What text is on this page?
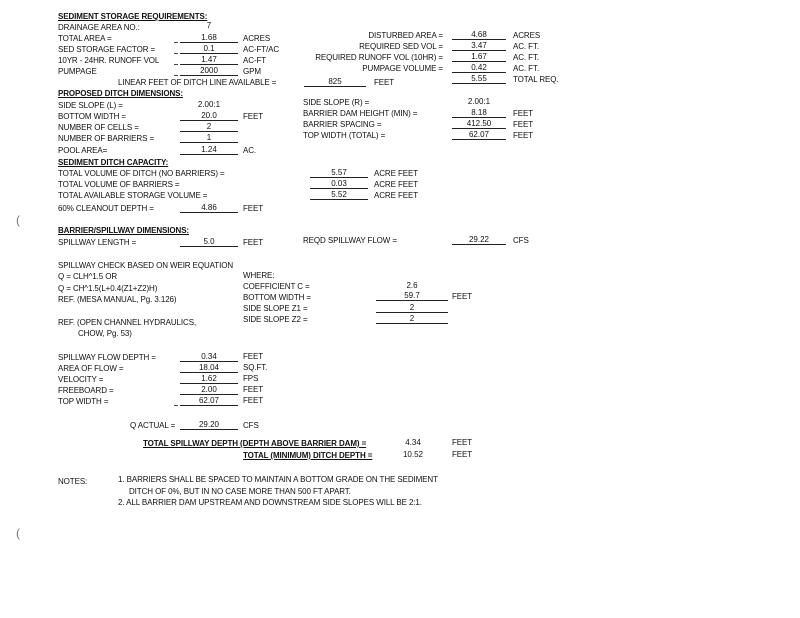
SEDIMENT STORAGE REQUIREMENTS:
DRAINAGE AREA NO.:	7
TOTAL AREA =	1.68	ACRES
SED STORAGE FACTOR =	0.1	AC-FT/AC
10YR - 24HR. RUNOFF VOL	1.47	AC-FT
PUMPAGE	2000	GPM
DISTURBED AREA =	4.68	ACRES
REQUIRED SED VOL =	3.47	AC. FT.
REQUIRED RUNOFF VOL (10HR) =	1.67	AC. FT.
PUMPAGE VOLUME =	0.42	AC. FT.
5.55	TOTAL REQ.
LINEAR FEET OF DITCH LINE AVAILABLE =	825	FEET
PROPOSED DITCH DIMENSIONS:
SIDE SLOPE (L) =	2.00:1
BOTTOM WIDTH =	20.0	FEET
NUMBER OF CELLS =	2
NUMBER OF BARRIERS =	1
POOL AREA=	1.24	AC.
SIDE SLOPE (R) =	2.00:1
BARRIER DAM HEIGHT (MIN) =	8.18	FEET
BARRIER SPACING =	412.50	FEET
TOP WIDTH (TOTAL) =	62.07	FEET
SEDIMENT DITCH CAPACITY:
TOTAL VOLUME OF DITCH (NO BARRIERS) =	5.57	ACRE FEET
TOTAL VOLUME OF BARRIERS =	0.03	ACRE FEET
TOTAL AVAILABLE STORAGE VOLUME =	5.52	ACRE FEET
60% CLEANOUT DEPTH =	4.86	FEET
(
BARRIER/SPILLWAY DIMENSIONS:
SPILLWAY LENGTH =	5.0	FEET	REQD SPILLWAY FLOW =	29.22	CFS
SPILLWAY CHECK BASED ON WEIR EQUATION
Q = CLH^1.5 OR
Q = CH^1.5(L+0.4(Z1+Z2)H)
REF. (MESA MANUAL, Pg. 3.126)
REF. (OPEN CHANNEL HYDRAULICS,
CHOW, Pg. 53)
WHERE:
COEFFICIENT C =	2.6
BOTTOM WIDTH =	59.7	FEET
SIDE SLOPE Z1 =	2
SIDE SLOPE Z2 =	2
SPILLWAY FLOW DEPTH =	0.34	FEET
AREA OF FLOW =	18.04	SQ.FT.
VELOCITY =	1.62	FPS
FREEBOARD =	2.00	FEET
TOP WIDTH =	62.07	FEET
Q ACTUAL =	29.20	CFS
TOTAL SPILLWAY DEPTH (DEPTH ABOVE BARRIER DAM) =	4.34	FEET
TOTAL (MINIMUM) DITCH DEPTH =	10.52	FEET
NOTES:	1. BARRIERS SHALL BE SPACED TO MAINTAIN A BOTTOM GRADE ON THE SEDIMENT
DITCH OF 0%, BUT IN NO CASE MORE THAN 500 FT APART.
2. ALL BARRIER DAM UPSTREAM AND DOWNSTREAM SIDE SLOPES WILL BE 2:1.
(
